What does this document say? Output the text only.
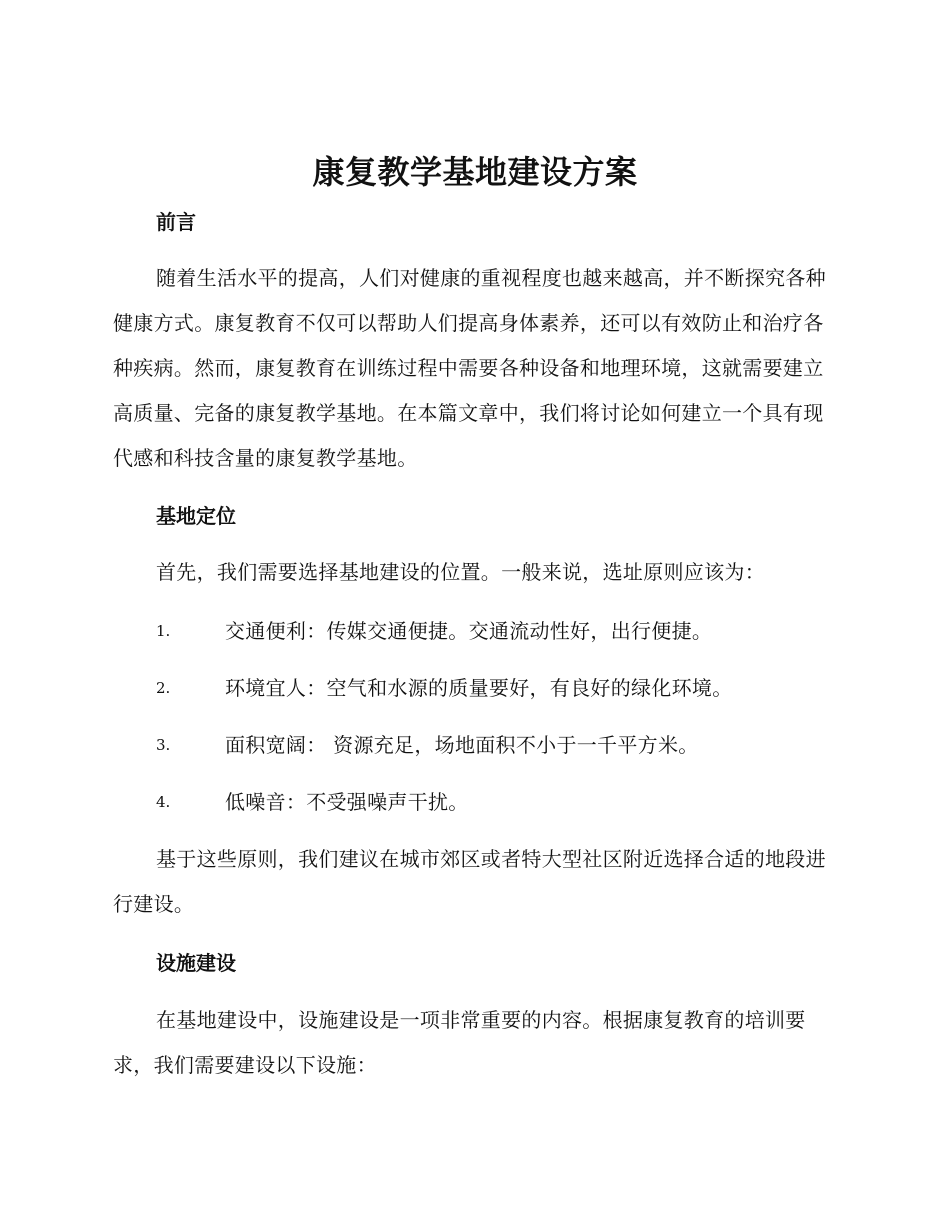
康复教学基地建设方案
前言

随着生活水平的提高，人们对健康的重视程度也越来越高，并不断探究各种健康方式。康复教育不仅可以帮助人们提高身体素养，还可以有效防止和治疗各种疾病。然而，康复教育在训练过程中需要各种设备和地理环境，这就需要建立高质量、完备的康复教学基地。在本篇文章中，我们将讨论如何建立一个具有现代感和科技含量的康复教学基地。

基地定位

首先，我们需要选择基地建设的位置。一般来说，选址原则应该为：

1.	交通便利：传媒交通便捷。交通流动性好，出行便捷。
2.	环境宜人：空气和水源的质量要好，有良好的绿化环境。
3.	面积宽阔： 资源充足，场地面积不小于一千平方米。
4.	低噪音：不受强噪声干扰。

基于这些原则，我们建议在城市郊区或者特大型社区附近选择合适的地段进行建设。

设施建设

在基地建设中，设施建设是一项非常重要的内容。根据康复教育的培训要求，我们需要建设以下设施：
